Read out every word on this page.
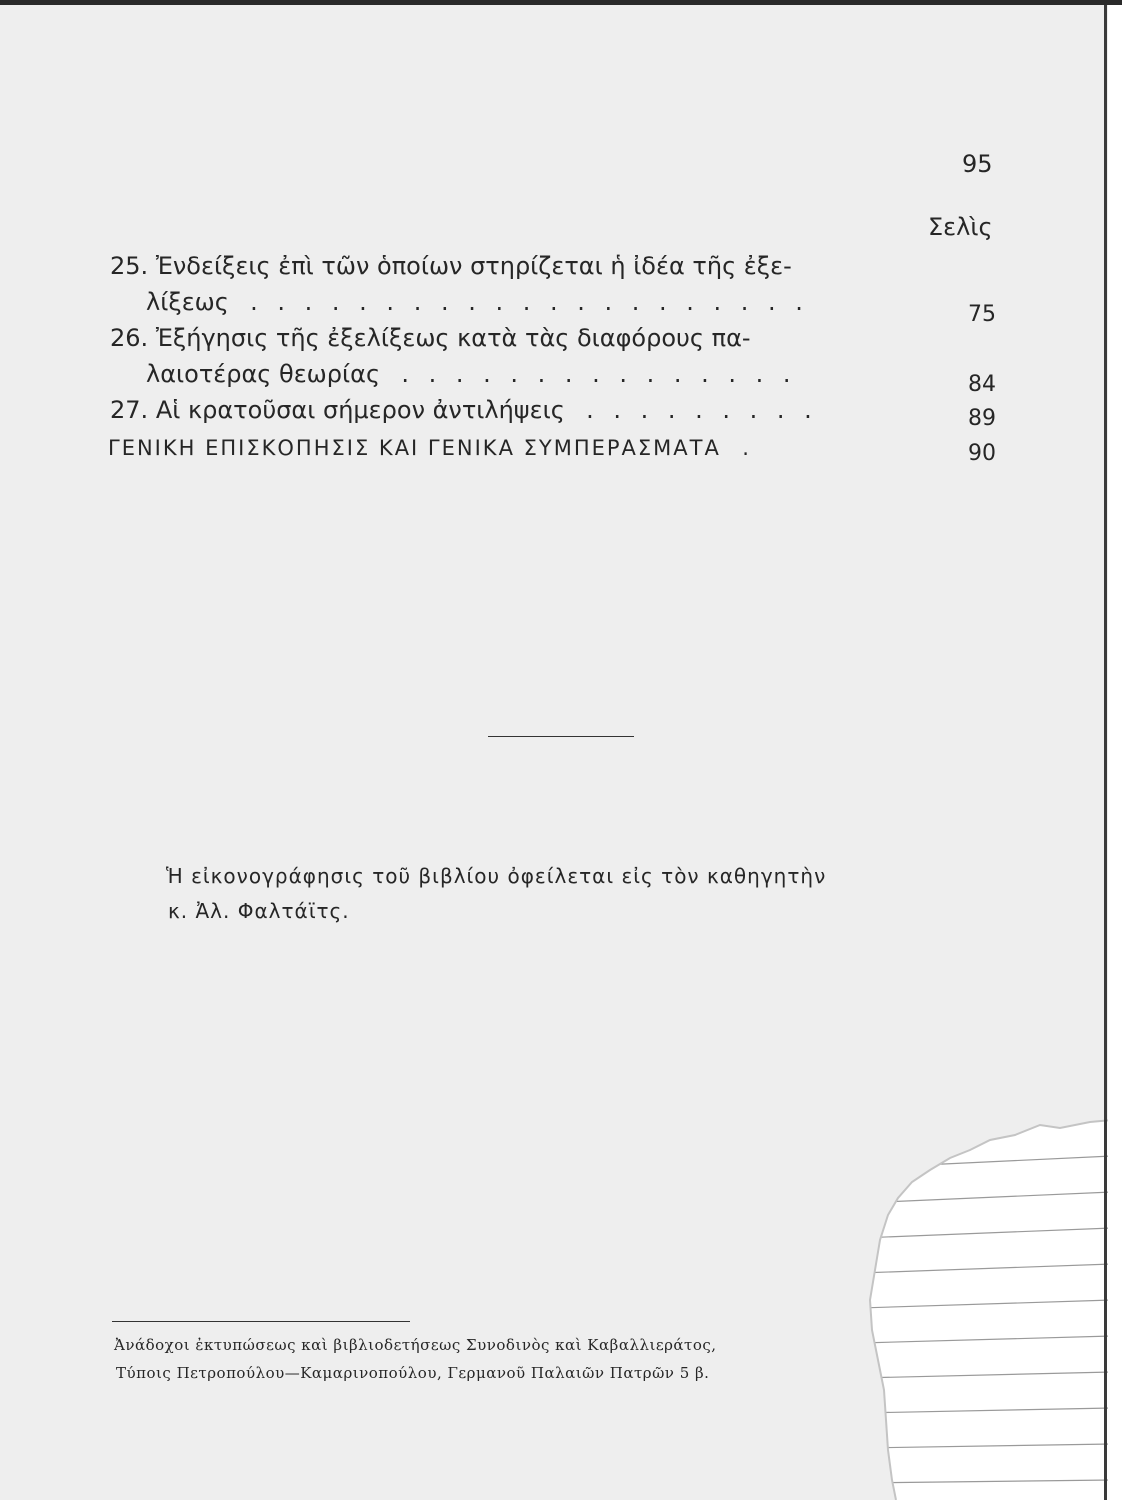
95
Σελὶς
25. Ἐνδείξεις ἐπὶ τῶν ὁποίων στηρίζεται ἡ ἰδέα τῆς ἐξε-
λίξεως  . . . . . . . . . . . . . . . . . . . . .	75
26. Ἐξήγησις τῆς ἐξελίξεως κατὰ τὰς διαφόρους πα-
λαιοτέρας θεωρίας  . . . . . . . . . . . . . . .	84
27. Αἱ κρατοῦσαι σήμερον ἀντιλήψεις  . . . . . . . . .	89
ΓΕΝΙΚΗ ΕΠΙΣΚΟΠΗΣΙΣ ΚΑΙ ΓΕΝΙΚΑ ΣΥΜΠΕΡΑΣΜΑΤΑ  .	90
Ἡ εἰκονογράφησις τοῦ βιβλίου ὀφείλεται εἰς τὸν καθηγητὴν
κ. Ἀλ. Φαλτάϊτς.
Ἀνάδοχοι ἐκτυπώσεως καὶ βιβλιοδετήσεως Συνοδινὸς καὶ Καβαλλιεράτος,
Τύποις Πετροπούλου—Καμαρινοπούλου, Γερμανοῦ Παλαιῶν Πατρῶν 5 β.
